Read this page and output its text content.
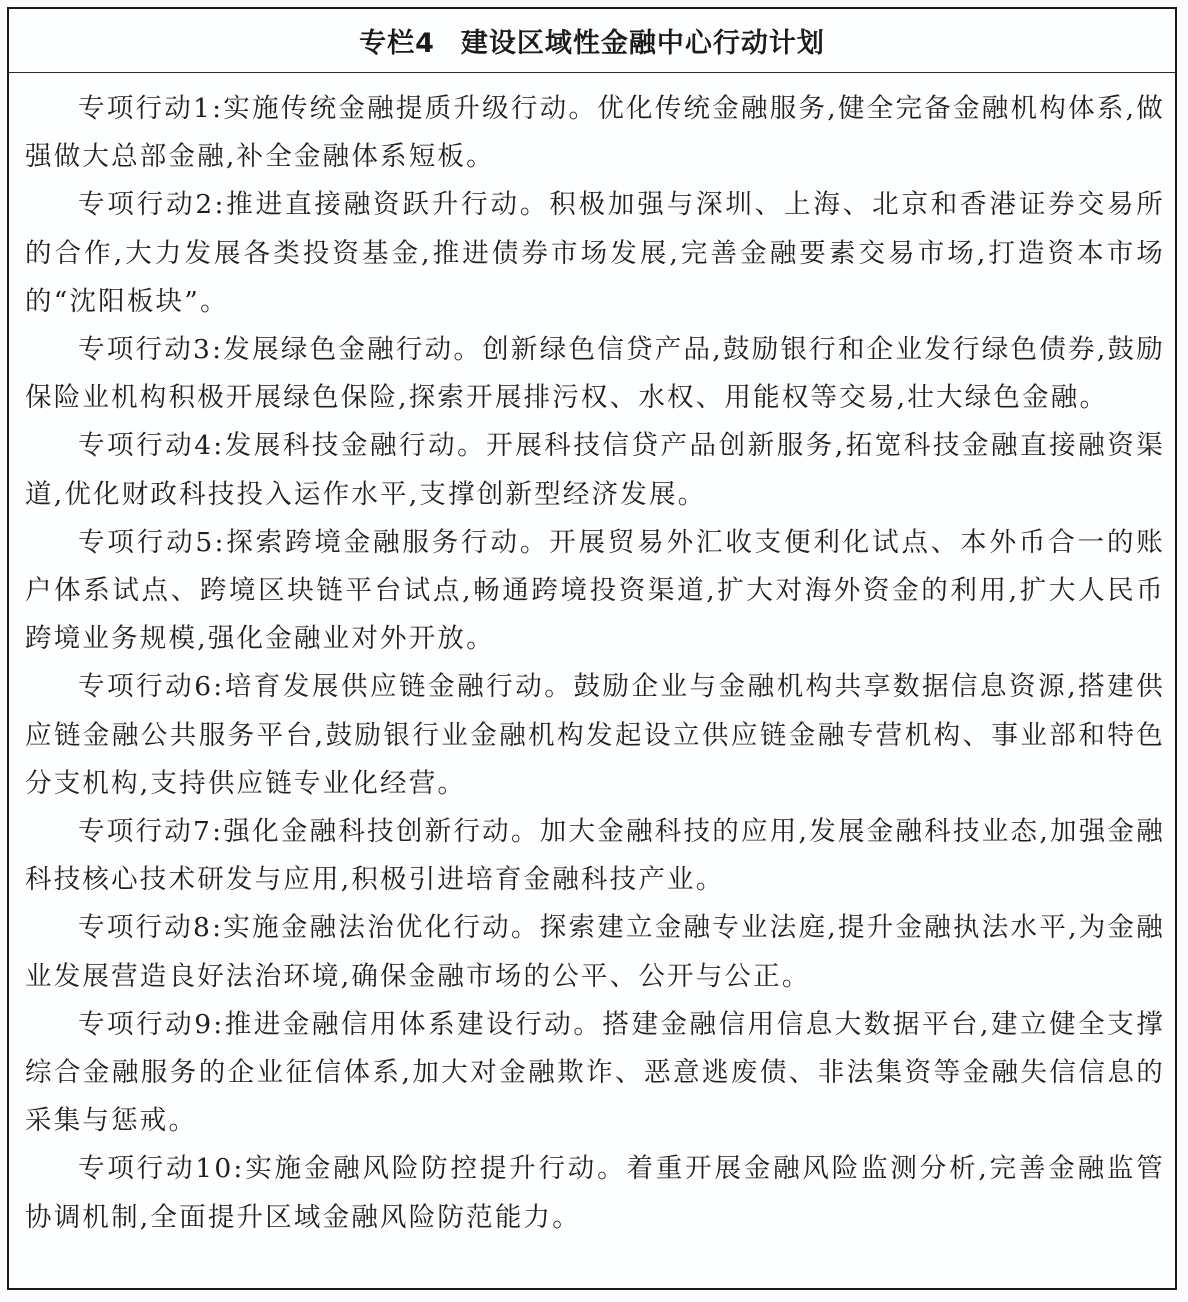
专栏4 建设区域性金融中心行动计划

专项行动1:实施传统金融提质升级行动。优化传统金融服务,健全完备金融机构体系,做强做大总部金融,补全金融体系短板。

专项行动2:推进直接融资跃升行动。积极加强与深圳、上海、北京和香港证券交易所的合作,大力发展各类投资基金,推进债券市场发展,完善金融要素交易市场,打造资本市场的“沈阳板块”。

专项行动3:发展绿色金融行动。创新绿色信贷产品,鼓励银行和企业发行绿色债券,鼓励保险业机构积极开展绿色保险,探索开展排污权、水权、用能权等交易,壮大绿色金融。

专项行动4:发展科技金融行动。开展科技信贷产品创新服务,拓宽科技金融直接融资渠道,优化财政科技投入运作水平,支撑创新型经济发展。

专项行动5:探索跨境金融服务行动。开展贸易外汇收支便利化试点、本外币合一的账户体系试点、跨境区块链平台试点,畅通跨境投资渠道,扩大对海外资金的利用,扩大人民币跨境业务规模,强化金融业对外开放。

专项行动6:培育发展供应链金融行动。鼓励企业与金融机构共享数据信息资源,搭建供应链金融公共服务平台,鼓励银行业金融机构发起设立供应链金融专营机构、事业部和特色分支机构,支持供应链专业化经营。

专项行动7:强化金融科技创新行动。加大金融科技的应用,发展金融科技业态,加强金融科技核心技术研发与应用,积极引进培育金融科技产业。

专项行动8:实施金融法治优化行动。探索建立金融专业法庭,提升金融执法水平,为金融业发展营造良好法治环境,确保金融市场的公平、公开与公正。

专项行动9:推进金融信用体系建设行动。搭建金融信用信息大数据平台,建立健全支撑综合金融服务的企业征信体系,加大对金融欺诈、恶意逃废债、非法集资等金融失信信息的采集与惩戒。

专项行动10:实施金融风险防控提升行动。着重开展金融风险监测分析,完善金融监管协调机制,全面提升区域金融风险防范能力。
